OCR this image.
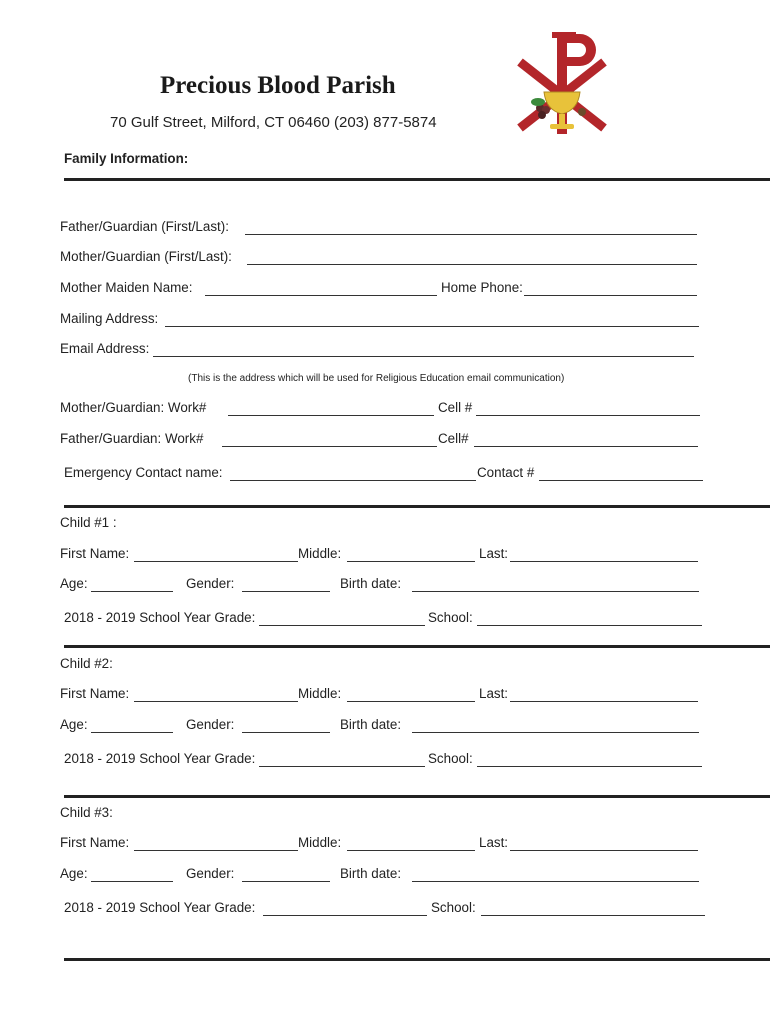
Precious Blood Parish
70 Gulf Street, Milford, CT 06460 (203) 877-5874
Family Information:
Father/Guardian (First/Last):
Mother/Guardian (First/Last):
Mother Maiden Name:	Home Phone:
Mailing Address:
Email Address:
(This is the address which will be used for Religious Education email communication)
Mother/Guardian: Work#	Cell #
Father/Guardian: Work#	Cell#
Emergency Contact name:	Contact #
Child #1 :
First Name:	Middle:	Last:
Age:	Gender:	Birth date:
2018 - 2019 School Year Grade:	School:
Child #2:
First Name:	Middle:	Last:
Age:	Gender:	Birth date:
2018 - 2019 School Year Grade:	School:
Child #3:
First Name:	Middle:	Last:
Age:	Gender:	Birth date:
2018 - 2019 School Year Grade:	School:
